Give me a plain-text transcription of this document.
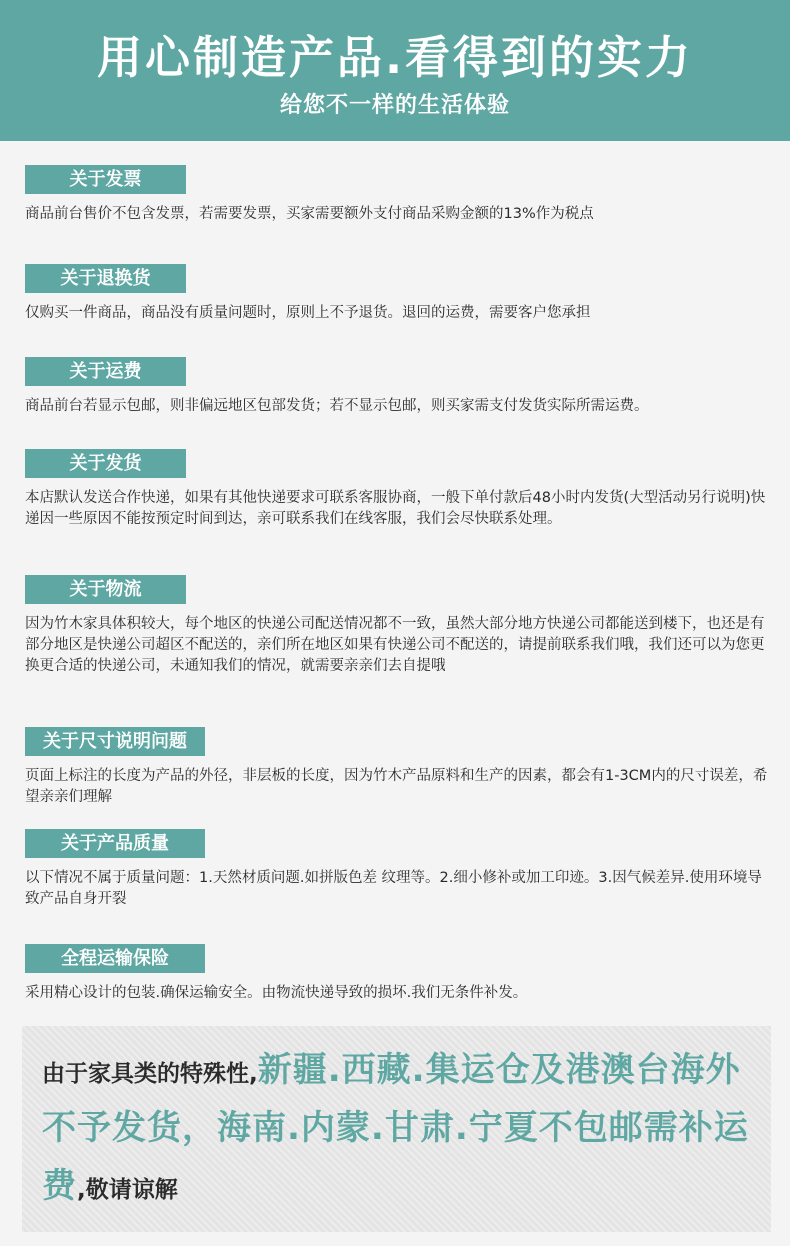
用心制造产品.看得到的实力
给您不一样的生活体验
关于发票
商品前台售价不包含发票，若需要发票，买家需要额外支付商品采购金额的13%作为税点
关于退换货
仅购买一件商品，商品没有质量问题时，原则上不予退货。退回的运费，需要客户您承担
关于运费
商品前台若显示包邮，则非偏远地区包部发货；若不显示包邮，则买家需支付发货实际所需运费。
关于发货
本店默认发送合作快递，如果有其他快递要求可联系客服协商，一般下单付款后48小时内发货(大型活动另行说明)快递因一些原因不能按预定时间到达，亲可联系我们在线客服，我们会尽快联系处理。
关于物流
因为竹木家具体积较大，每个地区的快递公司配送情况都不一致，虽然大部分地方快递公司都能送到楼下，也还是有部分地区是快递公司超区不配送的，亲们所在地区如果有快递公司不配送的，请提前联系我们哦，我们还可以为您更换更合适的快递公司，未通知我们的情况，就需要亲亲们去自提哦
关于尺寸说明问题
页面上标注的长度为产品的外径，非层板的长度，因为竹木产品原料和生产的因素，都会有1-3CM内的尺寸误差，希望亲亲们理解
关于产品质量
以下情况不属于质量问题：1.天然材质问题.如拼版色差 纹理等。2.细小修补或加工印迹。3.因气候差异.使用环境导致产品自身开裂
全程运输保险
采用精心设计的包装.确保运输安全。由物流快递导致的损坏.我们无条件补发。
由于家具类的特殊性,新疆.西藏.集运仓及港澳台海外不予发货，海南.内蒙.甘肃.宁夏不包邮需补运费,敬请谅解
